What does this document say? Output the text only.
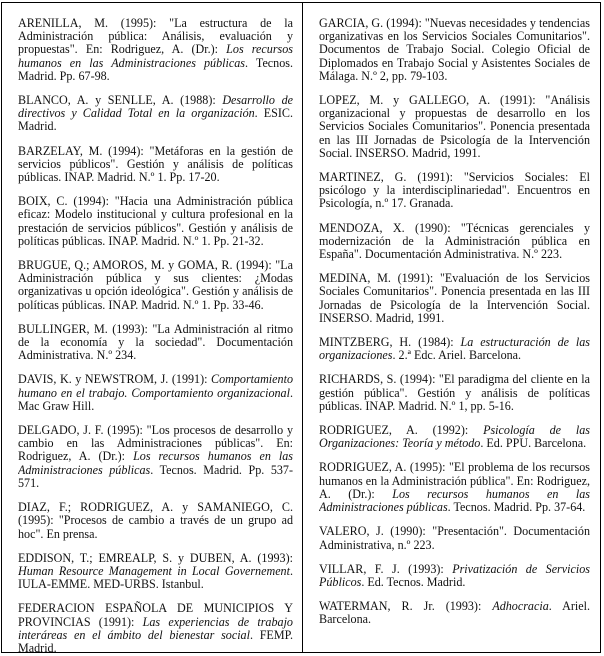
ARENILLA, M. (1995): "La estructura de la Administración pública: Análisis, evaluación y propuestas". En: Rodriguez, A. (Dr.): Los recursos humanos en las Administraciones públicas. Tecnos. Madrid. Pp. 67-98.

BLANCO, A. y SENLLE, A. (1988): Desarrollo de directivos y Calidad Total en la organización. ESIC. Madrid.

BARZELAY, M. (1994): "Metáforas en la gestión de servicios públicos". Gestión y análisis de políticas públicas. INAP. Madrid. N.º 1. Pp. 17-20.

BOIX, C. (1994): "Hacia una Administración pública eficaz: Modelo institucional y cultura profesional en la prestación de servicios públicos". Gestión y análisis de políticas públicas. INAP. Madrid. N.º 1. Pp. 21-32.

BRUGUE, Q.; AMOROS, M. y GOMA, R. (1994): "La Administración pública y sus clientes: ¿Modas organizativas u opción ideológica". Gestión y análisis de políticas públicas. INAP. Madrid. N.º 1. Pp. 33-46.

BULLINGER, M. (1993): "La Administración al ritmo de la economía y la sociedad". Documentación Administrativa. N.º 234.

DAVIS, K. y NEWSTROM, J. (1991): Comportamiento humano en el trabajo. Comportamiento organizacional. Mac Graw Hill.

DELGADO, J. F. (1995): "Los procesos de desarrollo y cambio en las Administraciones públicas". En: Rodriguez, A. (Dr.): Los recursos humanos en las Administraciones públicas. Tecnos. Madrid. Pp. 537-571.

DIAZ, F.; RODRIGUEZ, A. y SAMANIEGO, C. (1995): "Procesos de cambio a través de un grupo ad hoc". En prensa.

EDDISON, T.; EMREALP, S. y DUBEN, A. (1993): Human Resource Management in Local Governement. IULA-EMME. MED-URBS. Istanbul.

FEDERACION ESPAÑOLA DE MUNICIPIOS Y PROVINCIAS (1991): Las experiencias de trabajo interáreas en el ámbito del bienestar social. FEMP. Madrid.

GARCIA, G. (1994): "Nuevas necesidades y tendencias organizativas en los Servicios Sociales Comunitarios". Documentos de Trabajo Social. Colegio Oficial de Diplomados en Trabajo Social y Asistentes Sociales de Málaga. N.º 2, pp. 79-103.

LOPEZ, M. y GALLEGO, A. (1991): "Análisis organizacional y propuestas de desarrollo en los Servicios Sociales Comunitarios". Ponencia presentada en las III Jornadas de Psicología de la Intervención Social. INSERSO. Madrid, 1991.

MARTINEZ, G. (1991): "Servicios Sociales: El psicólogo y la interdisciplinariedad". Encuentros en Psicología, n.º 17. Granada.

MENDOZA, X. (1990): "Técnicas gerenciales y modernización de la Administración pública en España". Documentación Administrativa. N.º 223.

MEDINA, M. (1991): "Evaluación de los Servicios Sociales Comunitarios". Ponencia presentada en las III Jornadas de Psicología de la Intervención Social. INSERSO. Madrid, 1991.

MINTZBERG, H. (1984): La estructuración de las organizaciones. 2.ª Edc. Ariel. Barcelona.

RICHARDS, S. (1994): "El paradigma del cliente en la gestión pública". Gestión y análisis de políticas públicas. INAP. Madrid. N.º 1, pp. 5-16.

RODRIGUEZ, A. (1992): Psicología de las Organizaciones: Teoría y método. Ed. PPU. Barcelona.

RODRIGUEZ, A. (1995): "El problema de los recursos humanos en la Administración pública". En: Rodriguez, A. (Dr.): Los recursos humanos en las Administraciones públicas. Tecnos. Madrid. Pp. 37-64.

VALERO, J. (1990): "Presentación". Documentación Administrativa, n.º 223.

VILLAR, F. J. (1993): Privatización de Servicios Públicos. Ed. Tecnos. Madrid.

WATERMAN, R. Jr. (1993): Adhocracia. Ariel. Barcelona.
